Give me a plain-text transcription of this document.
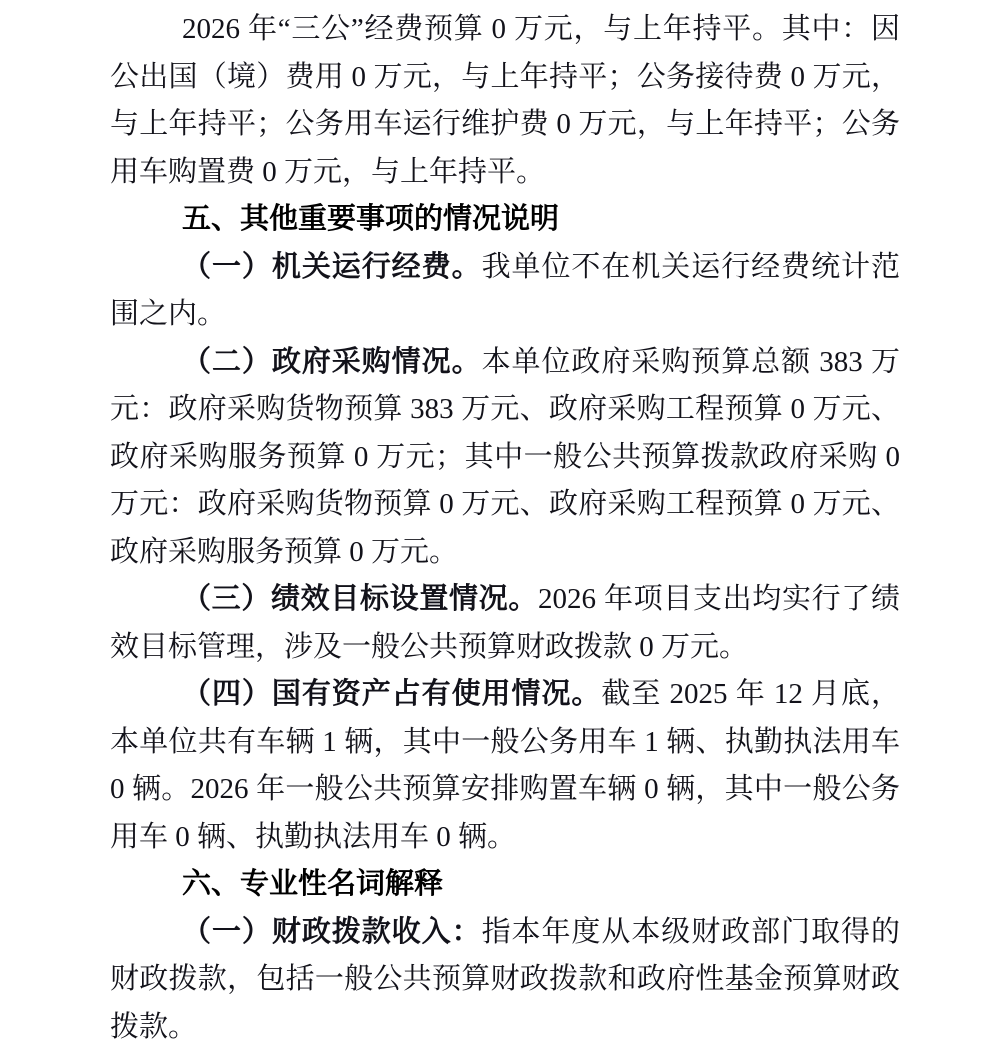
2026 年“三公”经费预算 0 万元，与上年持平。其中：因公出国（境）费用 0 万元，与上年持平；公务接待费 0 万元，与上年持平；公务用车运行维护费 0 万元，与上年持平；公务用车购置费 0 万元，与上年持平。

五、其他重要事项的情况说明

（一）机关运行经费。我单位不在机关运行经费统计范围之内。

（二）政府采购情况。本单位政府采购预算总额 383 万元：政府采购货物预算 383 万元、政府采购工程预算 0 万元、政府采购服务预算 0 万元；其中一般公共预算拨款政府采购 0 万元：政府采购货物预算 0 万元、政府采购工程预算 0 万元、政府采购服务预算 0 万元。

（三）绩效目标设置情况。2026 年项目支出均实行了绩效目标管理，涉及一般公共预算财政拨款 0 万元。

（四）国有资产占有使用情况。截至 2025 年 12 月底，本单位共有车辆 1 辆，其中一般公务用车 1 辆、执勤执法用车 0 辆。2026 年一般公共预算安排购置车辆 0 辆，其中一般公务用车 0 辆、执勤执法用车 0 辆。

六、专业性名词解释

（一）财政拨款收入：指本年度从本级财政部门取得的财政拨款，包括一般公共预算财政拨款和政府性基金预算财政拨款。
